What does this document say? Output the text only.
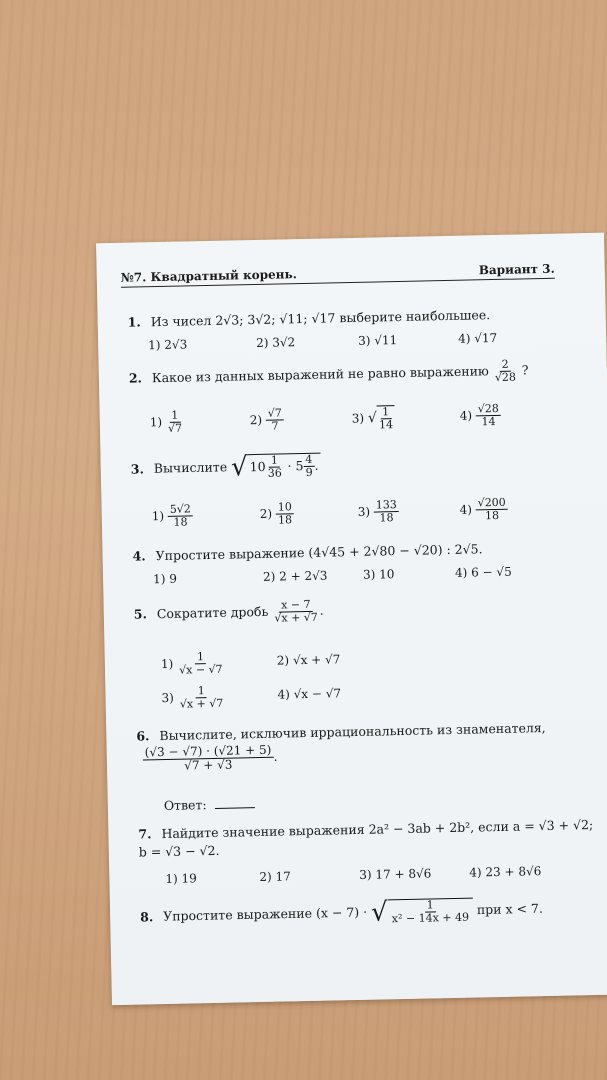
№7. Квадратный корень.	Вариант 3.
1. Из чисел 2√3; 3√2; √11; √17 выберите наибольшее.
1) 2√3	2) 3√2	3) √11	4) √17
2. Какое из данных выражений не равно выражению $\frac{2}{√28}$ ?
$1) \frac{1}{√7}$	$2) \frac{√7}{7}$	3) √ $\frac{1}{14}$	$4) \frac{√28}{14}$
3. Вычислите √ $10 \frac{1}{36} \cdot 5 \frac{4}{9}$ .
$1) \frac{5√2}{18}$	$2) \frac{10}{18}$	$3) \frac{133}{18}$	$4) \frac{√200}{18}$
4. Упростите выражение (4√45 + 2√80 − √20) : 2√5.
1) 9	2) 2 + 2√3	3) 10	4) 6 − √5
5. Сократите дробь $\frac{x - 7}{√x + √7}$ .
$1) \frac{1}{√x - √7}$	2) √x + √7
$3) \frac{1}{√x + √7}$	4) √x − √7
6. Вычислите, исключив иррациональность из знаменателя,
$\frac{(√3 - √7) \cdot (√21 + 5)}{√7 + √3}$ .
Ответ:
7. Найдите значение выражения 2a² − 3ab + 2b², если a = √3 + √2;
b = √3 − √2.
1) 19	2) 17	3) 17 + 8√6	4) 23 + 8√6
8. Упростите выражение (x − 7) · √ $\frac{1}{\text{x² − 14x + 49}}$ при x < 7.
